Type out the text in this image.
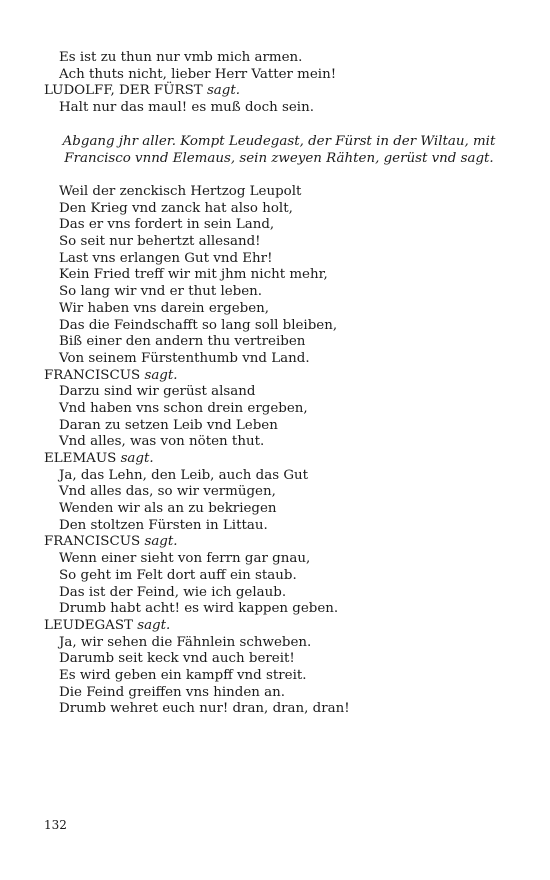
Es ist zu thun nur vmb mich armen.
Ach thuts nicht, lieber Herr Vatter mein!
LUDOLFF, DER FÜRST sagt.
Halt nur das maul! es muß doch sein.
Abgang jhr aller. Kompt Leudegast, der Fürst in der Wiltau, mit
Francisco vnnd Elemaus, sein zweyen Rähten, gerüst vnd sagt.
Weil der zenckisch Hertzog Leupolt
Den Krieg vnd zanck hat also holt,
Das er vns fordert in sein Land,
So seit nur behertzt allesand!
Last vns erlangen Gut vnd Ehr!
Kein Fried treff wir mit jhm nicht mehr,
So lang wir vnd er thut leben.
Wir haben vns darein ergeben,
Das die Feindschafft so lang soll bleiben,
Biß einer den andern thu vertreiben
Von seinem Fürstenthumb vnd Land.
FRANCISCUS sagt.
Darzu sind wir gerüst alsand
Vnd haben vns schon drein ergeben,
Daran zu setzen Leib vnd Leben
Vnd alles, was von nöten thut.
ELEMAUS sagt.
Ja, das Lehn, den Leib, auch das Gut
Vnd alles das, so wir vermügen,
Wenden wir als an zu bekriegen
Den stoltzen Fürsten in Littau.
FRANCISCUS sagt.
Wenn einer sieht von ferrn gar gnau,
So geht im Felt dort auff ein staub.
Das ist der Feind, wie ich gelaub.
Drumb habt acht! es wird kappen geben.
LEUDEGAST sagt.
Ja, wir sehen die Fähnlein schweben.
Darumb seit keck vnd auch bereit!
Es wird geben ein kampff vnd streit.
Die Feind greiffen vns hinden an.
Drumb wehret euch nur! dran, dran, dran!
132
